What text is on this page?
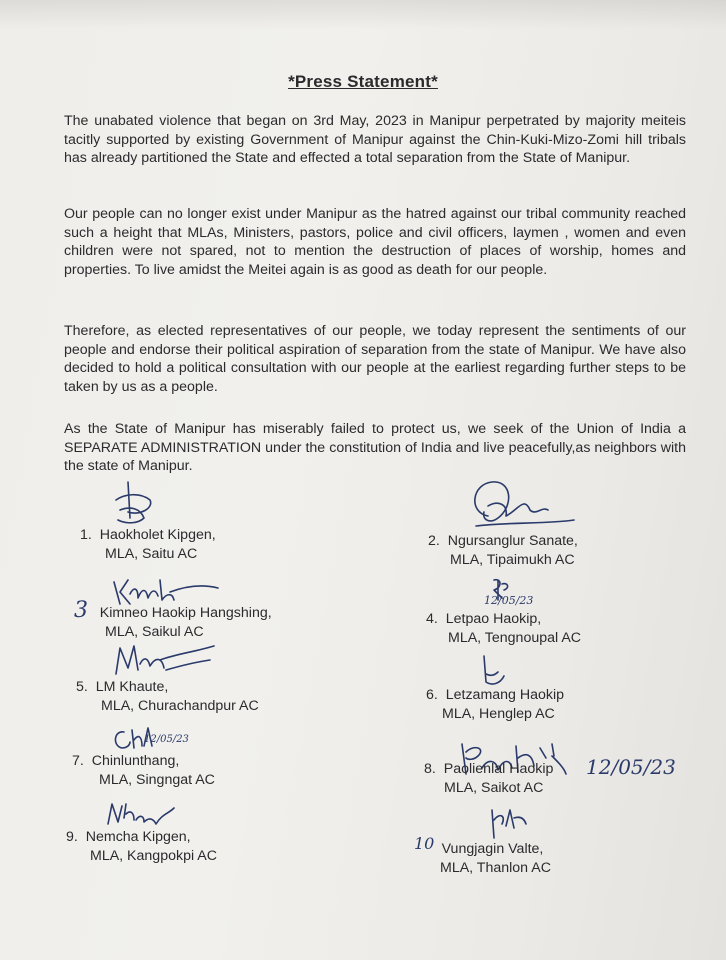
*Press Statement*

The unabated violence that began on 3rd May, 2023 in Manipur perpetrated by majority meiteis tacitly supported by existing Government of Manipur against the Chin-Kuki-Mizo-Zomi hill tribals has already partitioned the State and effected a total separation from the State of Manipur.

Our people can no longer exist under Manipur as the hatred against our tribal community reached such a height that MLAs, Ministers, pastors, police and civil officers, laymen , women and even children were not spared, not to mention the destruction of places of worship, homes and properties. To live amidst the Meitei again is as good as death for our people.

Therefore, as elected representatives of our people, we today represent the sentiments of our people and endorse their political aspiration of separation from the state of Manipur. We have also decided to hold a political consultation with our people at the earliest regarding further steps to be taken by us as a people.

As the State of Manipur has miserably failed to protect us, we seek of the Union of India a SEPARATE ADMINISTRATION under the constitution of India and live peacefully,as neighbors with the state of Manipur.

1. Haokholet Kipgen,
MLA, Saitu AC
2. Ngursanglur Sanate,
MLA, Tipaimukh AC
3 Kimneo Haokip Hangshing,
MLA, Saikul AC
12/05/23
4. Letpao Haokip,
MLA, Tengnoupal AC
5. LM Khaute,
MLA, Churachandpur AC
6. Letzamang Haokip
MLA, Henglep AC
12/05/23
7. Chinlunthang,
MLA, Singngat AC
12/05/23
8. Paolienlal Haokip
MLA, Saikot AC
9. Nemcha Kipgen,
MLA, Kangpokpi AC
10 Vungjagin Valte,
MLA, Thanlon AC
